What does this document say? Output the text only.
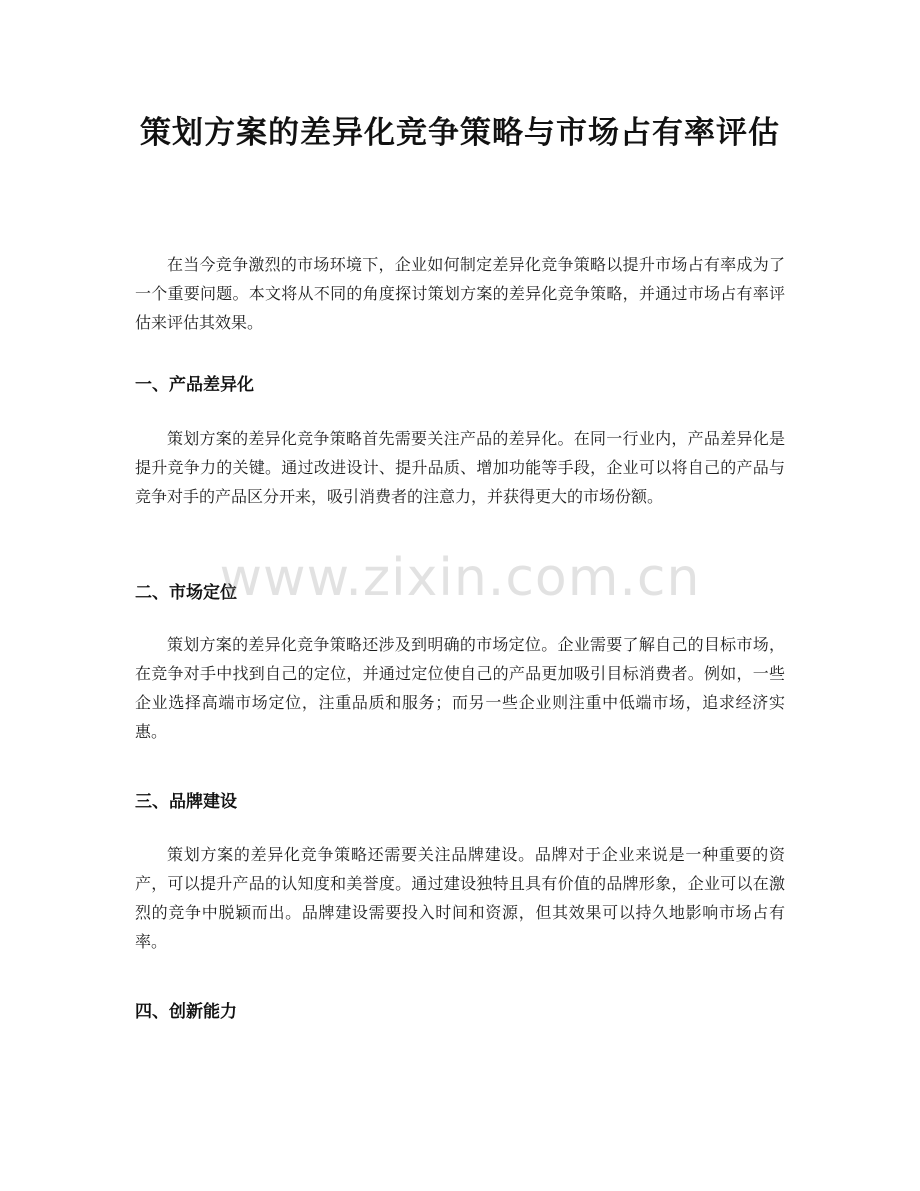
策划方案的差异化竞争策略与市场占有率评估

在当今竞争激烈的市场环境下，企业如何制定差异化竞争策略以提升市场占有率成为了一个重要问题。本文将从不同的角度探讨策划方案的差异化竞争策略，并通过市场占有率评估来评估其效果。

一、产品差异化

策划方案的差异化竞争策略首先需要关注产品的差异化。在同一行业内，产品差异化是提升竞争力的关键。通过改进设计、提升品质、增加功能等手段，企业可以将自己的产品与竞争对手的产品区分开来，吸引消费者的注意力，并获得更大的市场份额。

二、市场定位

策划方案的差异化竞争策略还涉及到明确的市场定位。企业需要了解自己的目标市场，在竞争对手中找到自己的定位，并通过定位使自己的产品更加吸引目标消费者。例如，一些企业选择高端市场定位，注重品质和服务；而另一些企业则注重中低端市场，追求经济实惠。

三、品牌建设

策划方案的差异化竞争策略还需要关注品牌建设。品牌对于企业来说是一种重要的资产，可以提升产品的认知度和美誉度。通过建设独特且具有价值的品牌形象，企业可以在激烈的竞争中脱颖而出。品牌建设需要投入时间和资源，但其效果可以持久地影响市场占有率。

四、创新能力
www.zixin.com.cn
